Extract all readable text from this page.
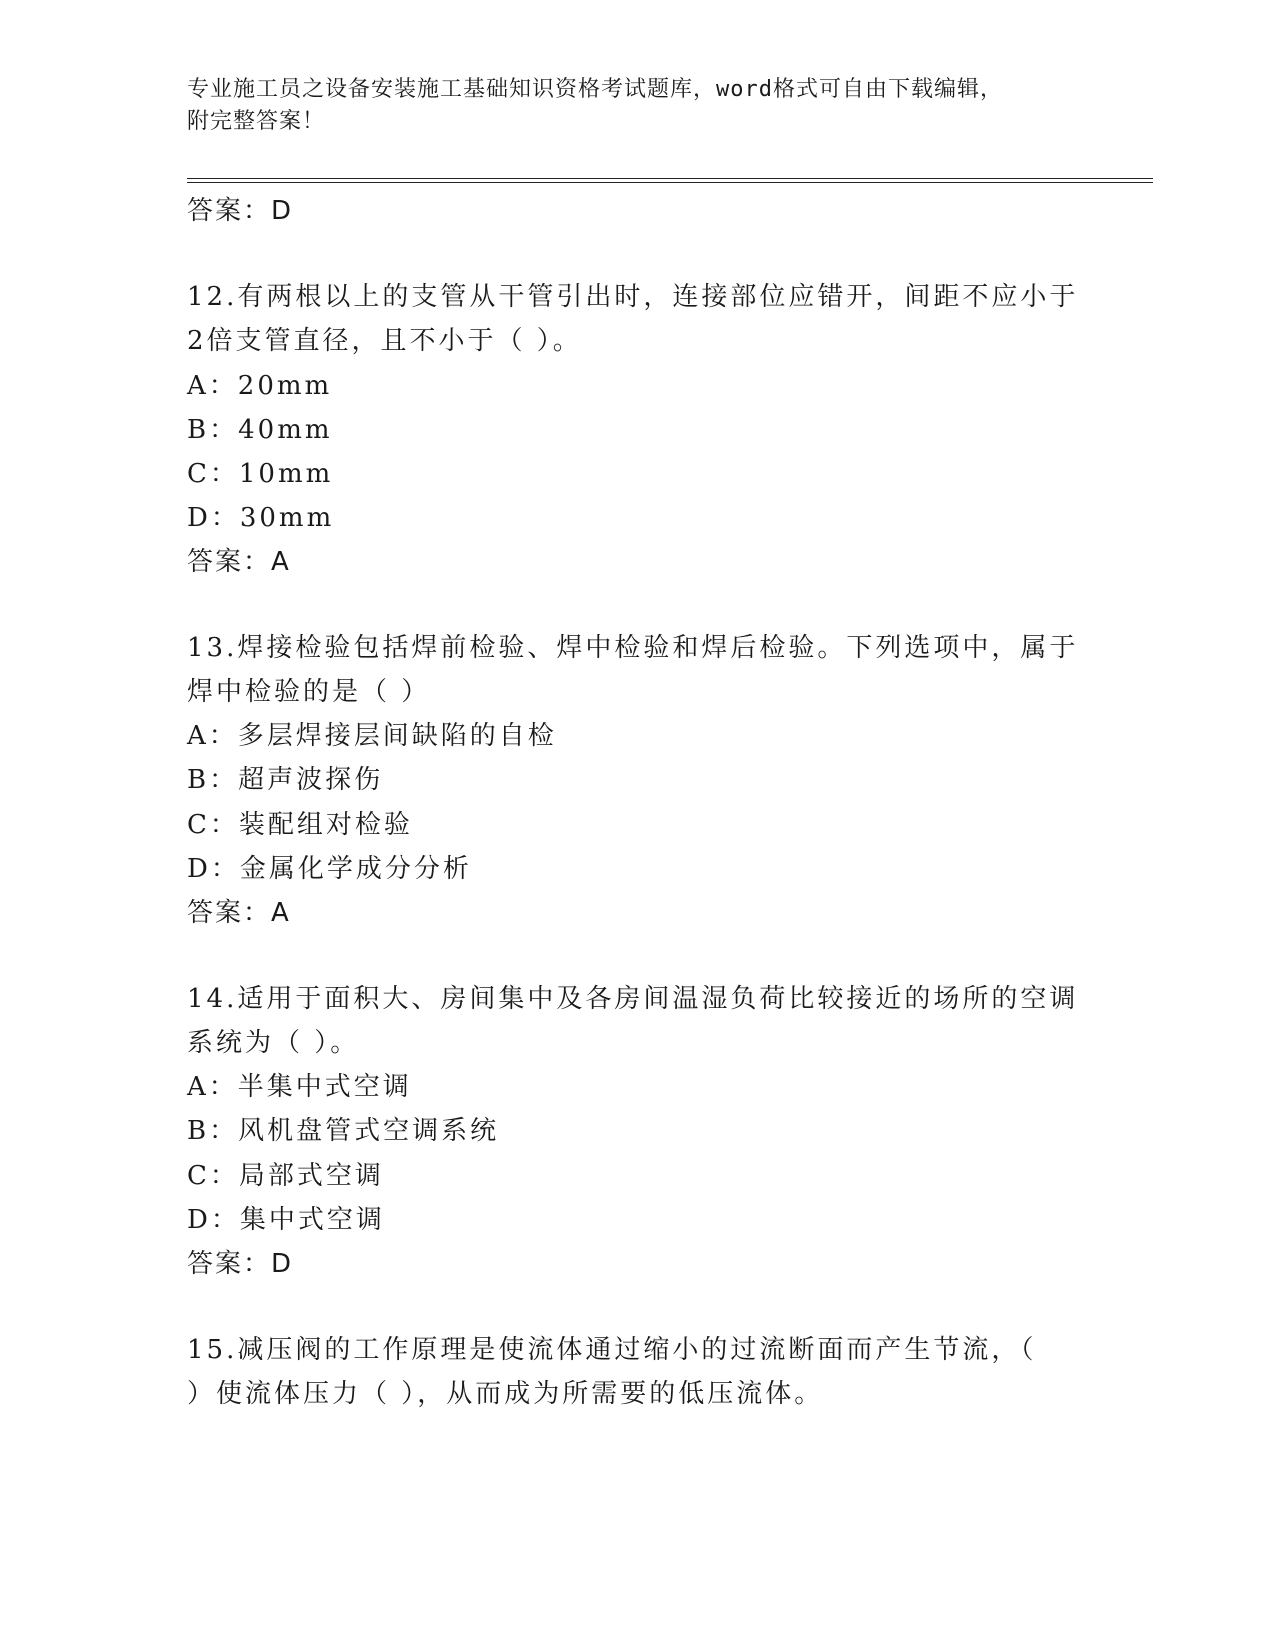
专业施工员之设备安装施工基础知识资格考试题库，word格式可自由下载编辑，
附完整答案！
答案：D
12.有两根以上的支管从干管引出时，连接部位应错开，间距不应小于
2倍支管直径，且不小于（ ）。
A：20mm
B：40mm
C：10mm
D：30mm
答案：A
13.焊接检验包括焊前检验、焊中检验和焊后检验。下列选项中，属于
焊中检验的是（ ）
A：多层焊接层间缺陷的自检
B：超声波探伤
C：装配组对检验
D：金属化学成分分析
答案：A
14.适用于面积大、房间集中及各房间温湿负荷比较接近的场所的空调
系统为（ ）。
A：半集中式空调
B：风机盘管式空调系统
C：局部式空调
D：集中式空调
答案：D
15.减压阀的工作原理是使流体通过缩小的过流断面而产生节流，（
）使流体压力（ ），从而成为所需要的低压流体。
